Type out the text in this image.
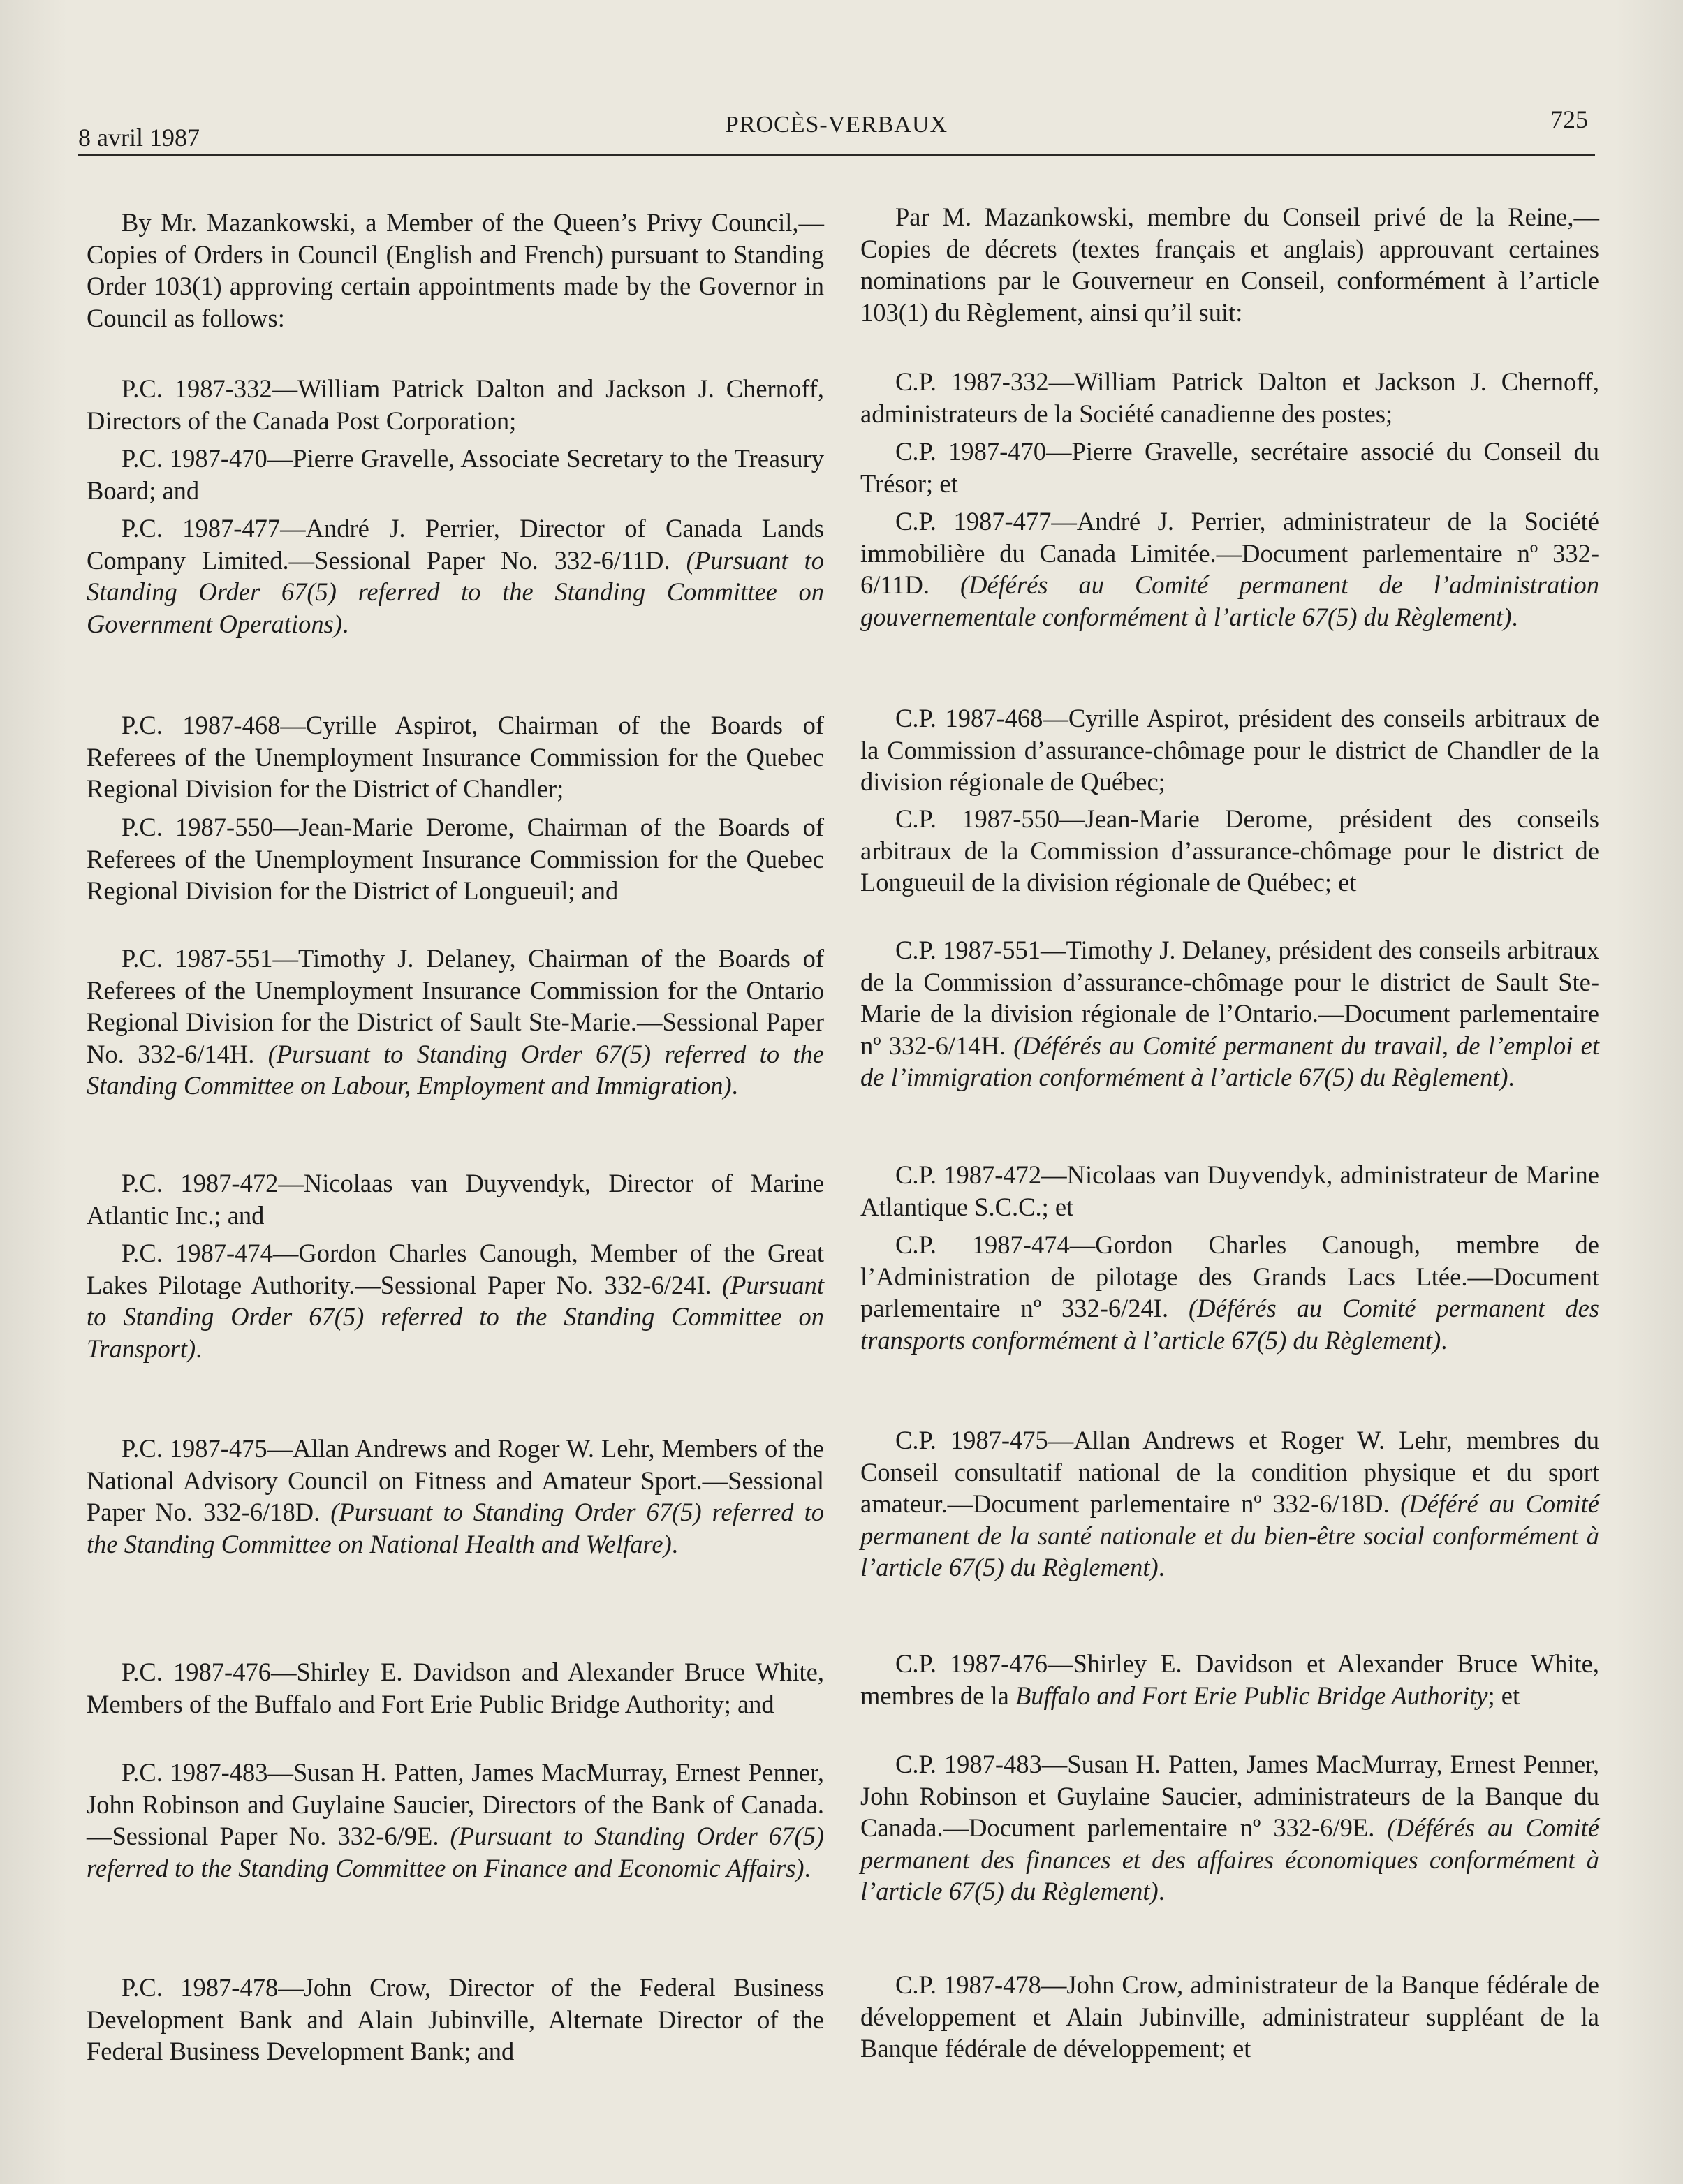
8 avril 1987	PROCÈS-VERBAUX	725

By Mr. Mazankowski, a Member of the Queen’s Privy Council,—Copies of Orders in Council (English and French) pursuant to Standing Order 103(1) approving certain appointments made by the Governor in Council as follows:

P.C. 1987-332—William Patrick Dalton and Jackson J. Chernoff, Directors of the Canada Post Corporation;

P.C. 1987-470—Pierre Gravelle, Associate Secretary to the Treasury Board; and

P.C. 1987-477—André J. Perrier, Director of Canada Lands Company Limited.—Sessional Paper No. 332-6/11D. (Pursuant to Standing Order 67(5) referred to the Standing Committee on Government Operations).

P.C. 1987-468—Cyrille Aspirot, Chairman of the Boards of Referees of the Unemployment Insurance Commission for the Quebec Regional Division for the District of Chandler;

P.C. 1987-550—Jean-Marie Derome, Chairman of the Boards of Referees of the Unemployment Insurance Commission for the Quebec Regional Division for the District of Longueuil; and

P.C. 1987-551—Timothy J. Delaney, Chairman of the Boards of Referees of the Unemployment Insurance Commission for the Ontario Regional Division for the District of Sault Ste-Marie.—Sessional Paper No. 332-6/14H. (Pursuant to Standing Order 67(5) referred to the Standing Committee on Labour, Employment and Immigration).

P.C. 1987-472—Nicolaas van Duyvendyk, Director of Marine Atlantic Inc.; and

P.C. 1987-474—Gordon Charles Canough, Member of the Great Lakes Pilotage Authority.—Sessional Paper No. 332-6/24I. (Pursuant to Standing Order 67(5) referred to the Standing Committee on Transport).

P.C. 1987-475—Allan Andrews and Roger W. Lehr, Members of the National Advisory Council on Fitness and Amateur Sport.—Sessional Paper No. 332-6/18D. (Pursuant to Standing Order 67(5) referred to the Standing Committee on National Health and Welfare).

P.C. 1987-476—Shirley E. Davidson and Alexander Bruce White, Members of the Buffalo and Fort Erie Public Bridge Authority; and

P.C. 1987-483—Susan H. Patten, James MacMurray, Ernest Penner, John Robinson and Guylaine Saucier, Directors of the Bank of Canada.—Sessional Paper No. 332-6/9E. (Pursuant to Standing Order 67(5) referred to the Standing Committee on Finance and Economic Affairs).

P.C. 1987-478—John Crow, Director of the Federal Business Development Bank and Alain Jubinville, Alternate Director of the Federal Business Development Bank; and

Par M. Mazankowski, membre du Conseil privé de la Reine,—Copies de décrets (textes français et anglais) approuvant certaines nominations par le Gouverneur en Conseil, conformément à l’article 103(1) du Règlement, ainsi qu’il suit:

C.P. 1987-332—William Patrick Dalton et Jackson J. Chernoff, administrateurs de la Société canadienne des postes;

C.P. 1987-470—Pierre Gravelle, secrétaire associé du Conseil du Trésor; et

C.P. 1987-477—André J. Perrier, administrateur de la Société immobilière du Canada Limitée.—Document parlementaire nº 332-6/11D. (Déférés au Comité permanent de l’administration gouvernementale conformément à l’article 67(5) du Règlement).

C.P. 1987-468—Cyrille Aspirot, président des conseils arbitraux de la Commission d’assurance-chômage pour le district de Chandler de la division régionale de Québec;

C.P. 1987-550—Jean-Marie Derome, président des conseils arbitraux de la Commission d’assurance-chômage pour le district de Longueuil de la division régionale de Québec; et

C.P. 1987-551—Timothy J. Delaney, président des conseils arbitraux de la Commission d’assurance-chômage pour le district de Sault Ste-Marie de la division régionale de l’Ontario.—Document parlementaire nº 332-6/14H. (Déférés au Comité permanent du travail, de l’emploi et de l’immigration conformément à l’article 67(5) du Règlement).

C.P. 1987-472—Nicolaas van Duyvendyk, administrateur de Marine Atlantique S.C.C.; et

C.P. 1987-474—Gordon Charles Canough, membre de l’Administration de pilotage des Grands Lacs Ltée.—Document parlementaire nº 332-6/24I. (Déférés au Comité permanent des transports conformément à l’article 67(5) du Règlement).

C.P. 1987-475—Allan Andrews et Roger W. Lehr, membres du Conseil consultatif national de la condition physique et du sport amateur.—Document parlementaire nº 332-6/18D. (Déféré au Comité permanent de la santé nationale et du bien-être social conformément à l’article 67(5) du Règlement).

C.P. 1987-476—Shirley E. Davidson et Alexander Bruce White, membres de la Buffalo and Fort Erie Public Bridge Authority; et

C.P. 1987-483—Susan H. Patten, James MacMurray, Ernest Penner, John Robinson et Guylaine Saucier, administrateurs de la Banque du Canada.—Document parlementaire nº 332-6/9E. (Déférés au Comité permanent des finances et des affaires économiques conformément à l’article 67(5) du Règlement).

C.P. 1987-478—John Crow, administrateur de la Banque fédérale de développement et Alain Jubinville, administrateur suppléant de la Banque fédérale de développement; et
